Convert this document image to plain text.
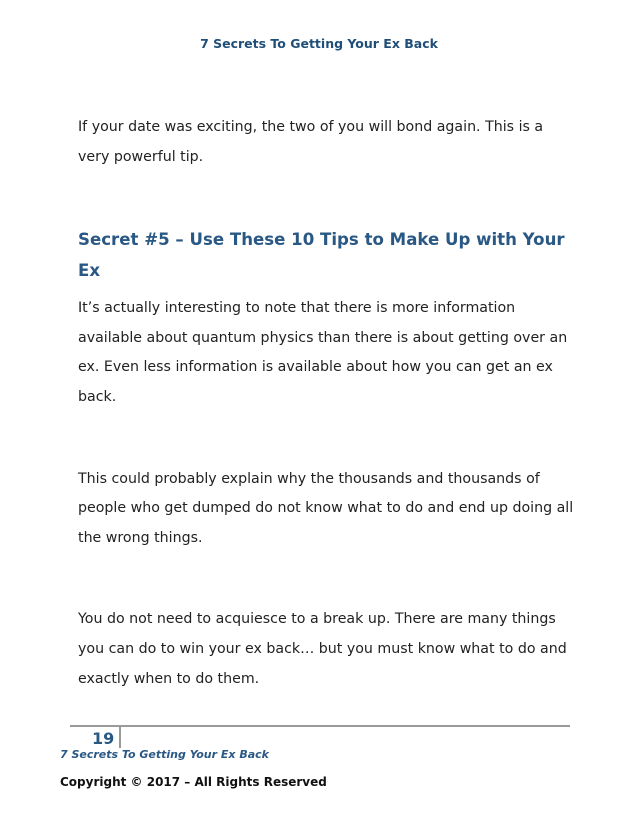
7 Secrets To Getting Your Ex Back

If your date was exciting, the two of you will bond again. This is a very powerful tip.

Secret #5 – Use These 10 Tips to Make Up with Your Ex

It’s actually interesting to note that there is more information available about quantum physics than there is about getting over an ex. Even less information is available about how you can get an ex back.

This could probably explain why the thousands and thousands of people who get dumped do not know what to do and end up doing all the wrong things.

You do not need to acquiesce to a break up. There are many things you can do to win your ex back… but you must know what to do and exactly when to do them.

19
7 Secrets To Getting Your Ex Back
Copyright © 2017 – All Rights Reserved
